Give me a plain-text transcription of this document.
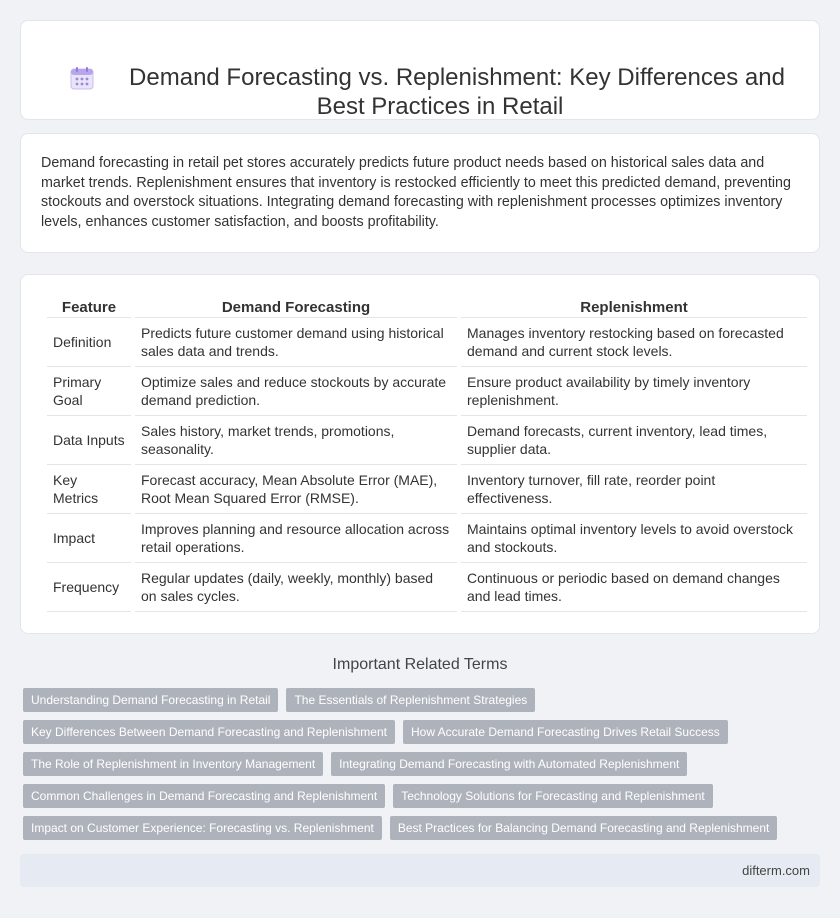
Demand Forecasting vs. Replenishment: Key Differences and Best Practices in Retail

Demand forecasting in retail pet stores accurately predicts future product needs based on historical sales data and market trends. Replenishment ensures that inventory is restocked efficiently to meet this predicted demand, preventing stockouts and overstock situations. Integrating demand forecasting with replenishment processes optimizes inventory levels, enhances customer satisfaction, and boosts profitability.

Feature	Demand Forecasting	Replenishment
Definition	Predicts future customer demand using historical sales data and trends.	Manages inventory restocking based on forecasted demand and current stock levels.
Primary Goal	Optimize sales and reduce stockouts by accurate demand prediction.	Ensure product availability by timely inventory replenishment.
Data Inputs	Sales history, market trends, promotions, seasonality.	Demand forecasts, current inventory, lead times, supplier data.
Key Metrics	Forecast accuracy, Mean Absolute Error (MAE), Root Mean Squared Error (RMSE).	Inventory turnover, fill rate, reorder point effectiveness.
Impact	Improves planning and resource allocation across retail operations.	Maintains optimal inventory levels to avoid overstock and stockouts.
Frequency	Regular updates (daily, weekly, monthly) based on sales cycles.	Continuous or periodic based on demand changes and lead times.
Important Related Terms
Understanding Demand Forecasting in Retail	The Essentials of Replenishment Strategies
Key Differences Between Demand Forecasting and Replenishment	How Accurate Demand Forecasting Drives Retail Success
The Role of Replenishment in Inventory Management	Integrating Demand Forecasting with Automated Replenishment
Common Challenges in Demand Forecasting and Replenishment	Technology Solutions for Forecasting and Replenishment
Impact on Customer Experience: Forecasting vs. Replenishment	Best Practices for Balancing Demand Forecasting and Replenishment
difterm.com
